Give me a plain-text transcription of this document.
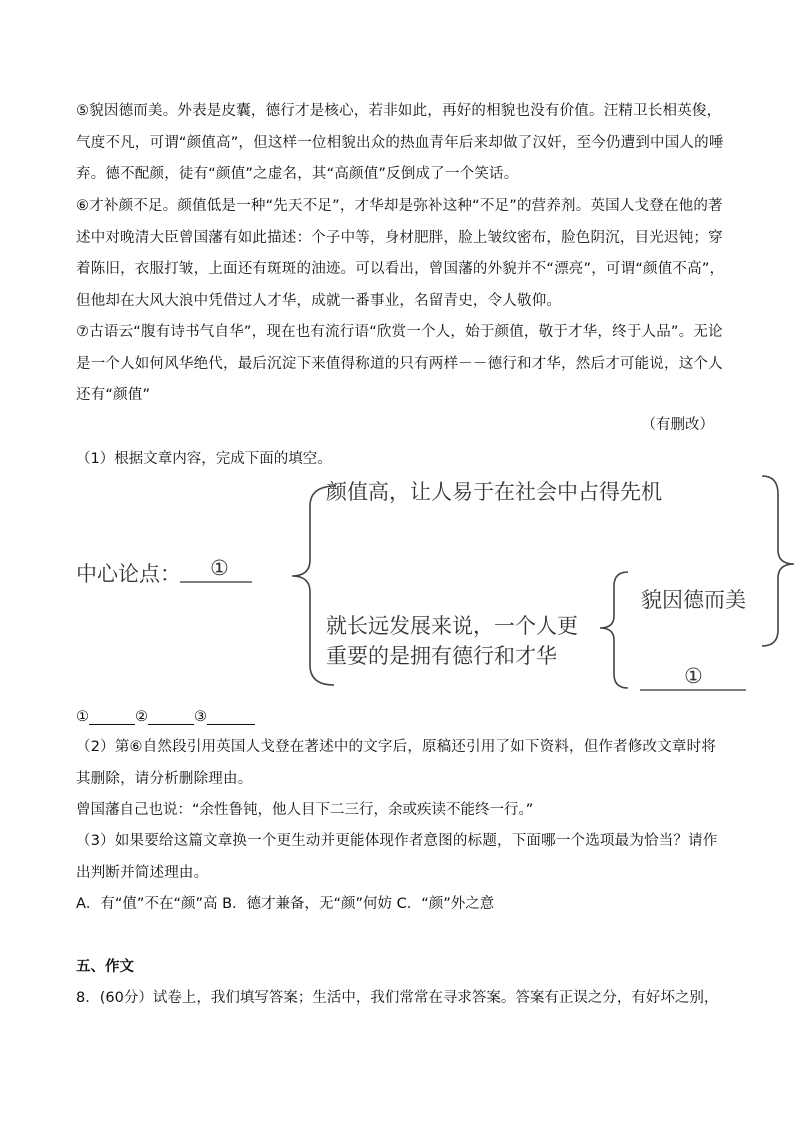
⑤貌因德而美。外表是皮囊，德行才是核心，若非如此，再好的相貌也没有价值。汪精卫长相英俊，气度不凡，可谓“颜值高”，但这样一位相貌出众的热血青年后来却做了汉奸，至今仍遭到中国人的唾弃。德不配颜，徒有“颜值”之虚名，其“高颜值”反倒成了一个笑话。

⑥才补颜不足。颜值低是一种“先天不足”，才华却是弥补这种“不足”的营养剂。英国人戈登在他的著述中对晚清大臣曾国藩有如此描述：个子中等，身材肥胖，脸上皱纹密布，脸色阴沉，目光迟钝；穿着陈旧，衣服打皱，上面还有斑斑的油迹。可以看出，曾国藩的外貌并不“漂亮”，可谓“颜值不高”，但他却在大风大浪中凭借过人才华，成就一番事业，名留青史，令人敬仰。

⑦古语云“腹有诗书气自华”，现在也有流行语“欣赏一个人，始于颜值，敬于才华，终于人品”。无论是一个人如何风华绝代，最后沉淀下来值得称道的只有两样－－德行和才华，然后才可能说，这个人还有“颜值”

（有删改）

（1）根据文章内容，完成下面的填空。

中心论点： ①
颜值高，让人易于在社会中占得先机
就长远发展来说，一个人更
重要的是拥有德行和才华
貌因德而美
①
①	②	③

（2）第⑥自然段引用英国人戈登在著述中的文字后，原稿还引用了如下资料，但作者修改文章时将其删除，请分析删除理由。

曾国藩自己也说：“余性鲁钝，他人目下二三行，余或疾读不能终一行。”

（3）如果要给这篇文章换一个更生动并更能体现作者意图的标题，下面哪一个选项最为恰当？请作出判断并简述理由。

A．有“值”不在“颜”高 B．德才兼备，无“颜”何妨 C．“颜”外之意

五、作文

8．(60分）试卷上，我们填写答案；生活中，我们常常在寻求答案。答案有正误之分，有好坏之别，
